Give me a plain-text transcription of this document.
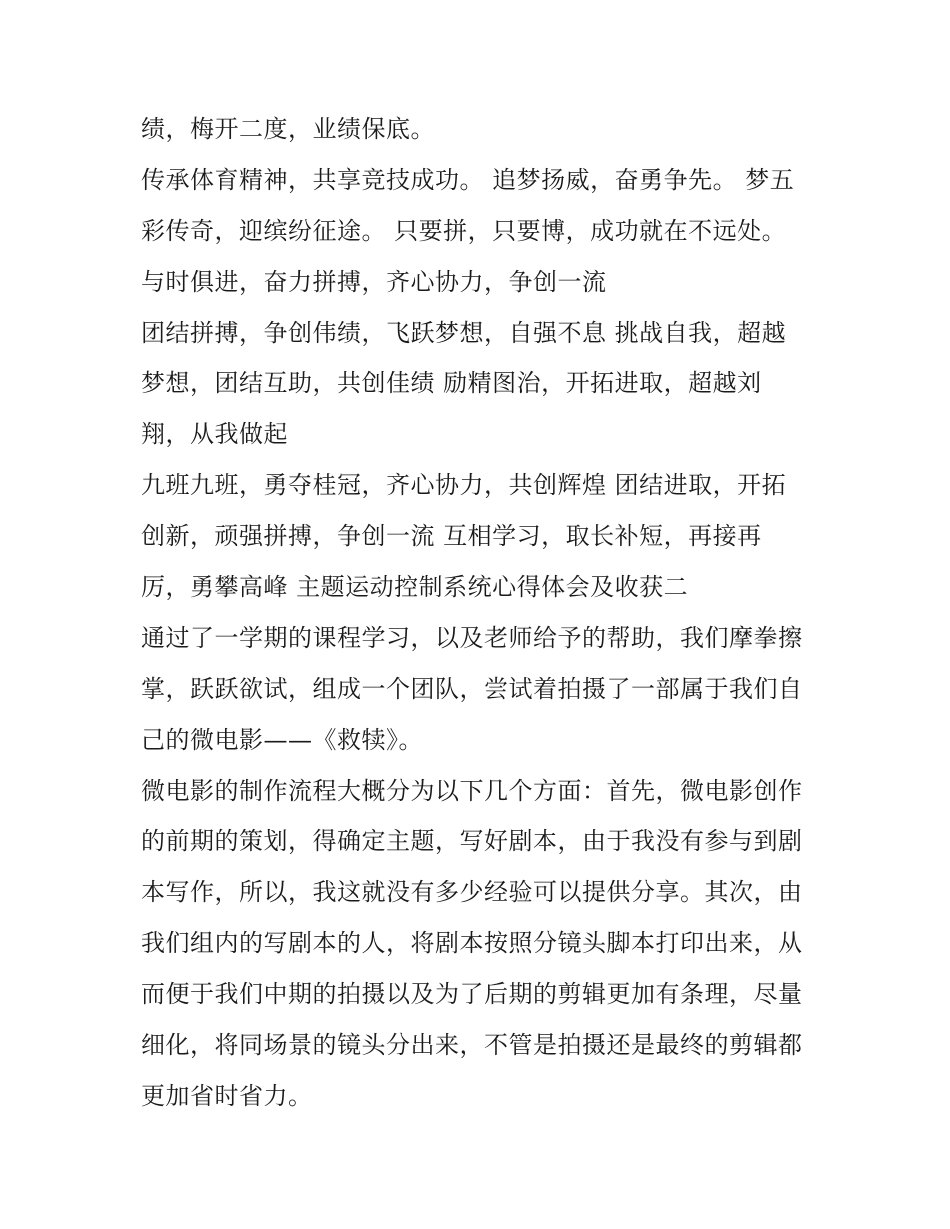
绩，梅开二度，业绩保底。
传承体育精神，共享竞技成功。 追梦扬威，奋勇争先。 梦五
彩传奇，迎缤纷征途。 只要拼，只要博，成功就在不远处。
与时俱进，奋力拼搏，齐心协力，争创一流
团结拼搏，争创伟绩，飞跃梦想，自强不息 挑战自我，超越
梦想，团结互助，共创佳绩 励精图治，开拓进取，超越刘
翔，从我做起
九班九班，勇夺桂冠，齐心协力，共创辉煌 团结进取，开拓
创新，顽强拼搏，争创一流 互相学习，取长补短，再接再
厉，勇攀高峰 主题运动控制系统心得体会及收获二
通过了一学期的课程学习，以及老师给予的帮助，我们摩拳擦
掌，跃跃欲试，组成一个团队，尝试着拍摄了一部属于我们自
己的微电影——《救犊》。
微电影的制作流程大概分为以下几个方面：首先，微电影创作
的前期的策划，得确定主题，写好剧本，由于我没有参与到剧
本写作，所以，我这就没有多少经验可以提供分享。其次，由
我们组内的写剧本的人，将剧本按照分镜头脚本打印出来，从
而便于我们中期的拍摄以及为了后期的剪辑更加有条理，尽量
细化，将同场景的镜头分出来，不管是拍摄还是最终的剪辑都
更加省时省力。
